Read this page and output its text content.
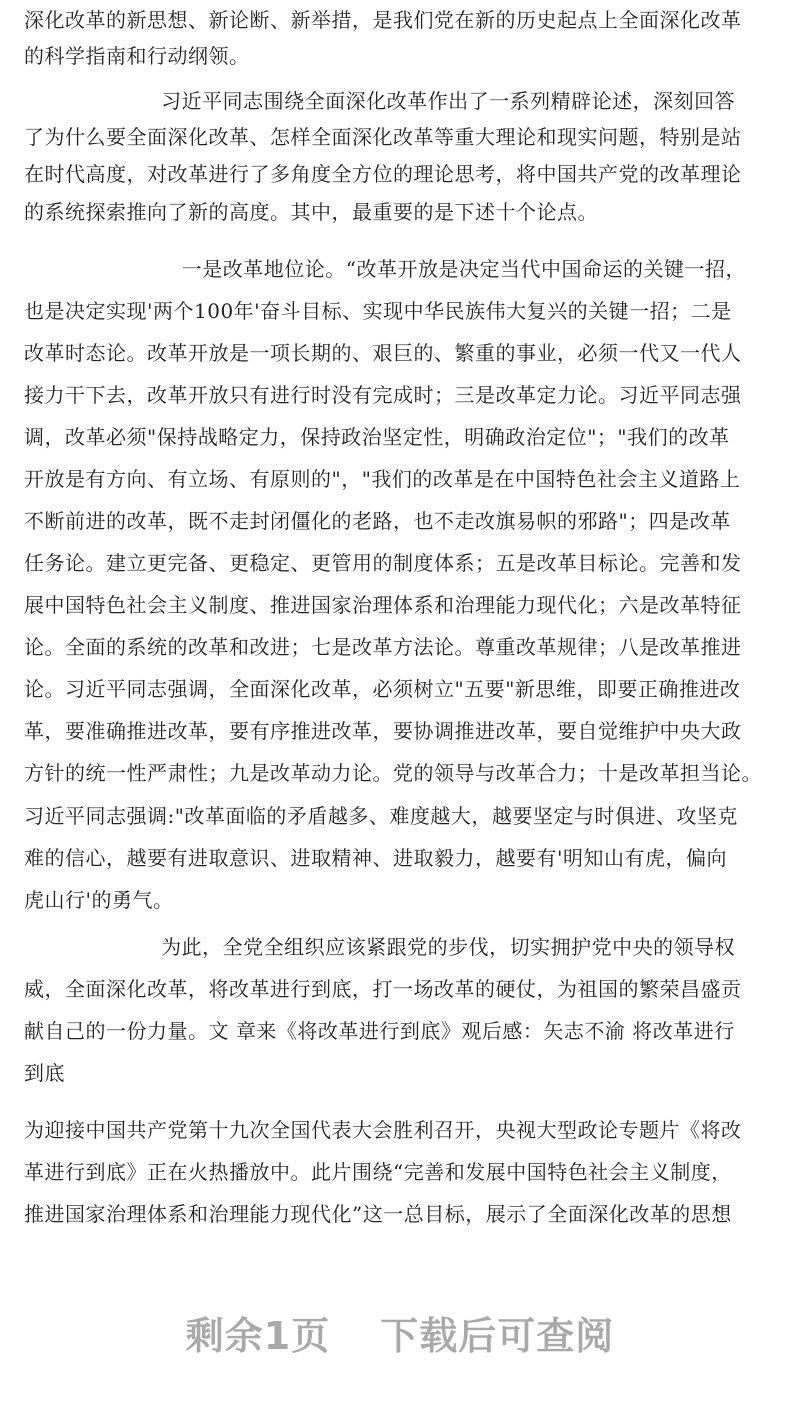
深化改革的新思想、新论断、新举措，是我们党在新的历史起点上全面深化改革
的科学指南和行动纲领。
习近平同志围绕全面深化改革作出了一系列精辟论述，深刻回答
了为什么要全面深化改革、怎样全面深化改革等重大理论和现实问题，特别是站
在时代高度，对改革进行了多角度全方位的理论思考，将中国共产党的改革理论
的系统探索推向了新的高度。其中，最重要的是下述十个论点。
一是改革地位论。“改革开放是决定当代中国命运的关键一招，
也是决定实现'两个100年'奋斗目标、实现中华民族伟大复兴的关键一招；二是
改革时态论。改革开放是一项长期的、艰巨的、繁重的事业，必须一代又一代人
接力干下去，改革开放只有进行时没有完成时；三是改革定力论。习近平同志强
调，改革必须"保持战略定力，保持政治坚定性，明确政治定位"；"我们的改革
开放是有方向、有立场、有原则的"，"我们的改革是在中国特色社会主义道路上
不断前进的改革，既不走封闭僵化的老路，也不走改旗易帜的邪路"；四是改革
任务论。建立更完备、更稳定、更管用的制度体系；五是改革目标论。完善和发
展中国特色社会主义制度、推进国家治理体系和治理能力现代化；六是改革特征
论。全面的系统的改革和改进；七是改革方法论。尊重改革规律；八是改革推进
论。习近平同志强调，全面深化改革，必须树立"五要"新思维，即要正确推进改
革，要准确推进改革，要有序推进改革，要协调推进改革，要自觉维护中央大政
方针的统一性严肃性；九是改革动力论。党的领导与改革合力；十是改革担当论。
习近平同志强调:"改革面临的矛盾越多、难度越大，越要坚定与时俱进、攻坚克
难的信心，越要有进取意识、进取精神、进取毅力，越要有'明知山有虎，偏向
虎山行'的勇气。
为此，全党全组织应该紧跟党的步伐，切实拥护党中央的领导权
威，全面深化改革，将改革进行到底，打一场改革的硬仗，为祖国的繁荣昌盛贡
献自己的一份力量。文 章来《将改革进行到底》观后感：矢志不渝 将改革进行
到底
为迎接中国共产党第十九次全国代表大会胜利召开，央视大型政论专题片《将改
革进行到底》正在火热播放中。此片围绕“完善和发展中国特色社会主义制度，
推进国家治理体系和治理能力现代化”这一总目标，展示了全面深化改革的思想
剩余1页 下载后可查阅
